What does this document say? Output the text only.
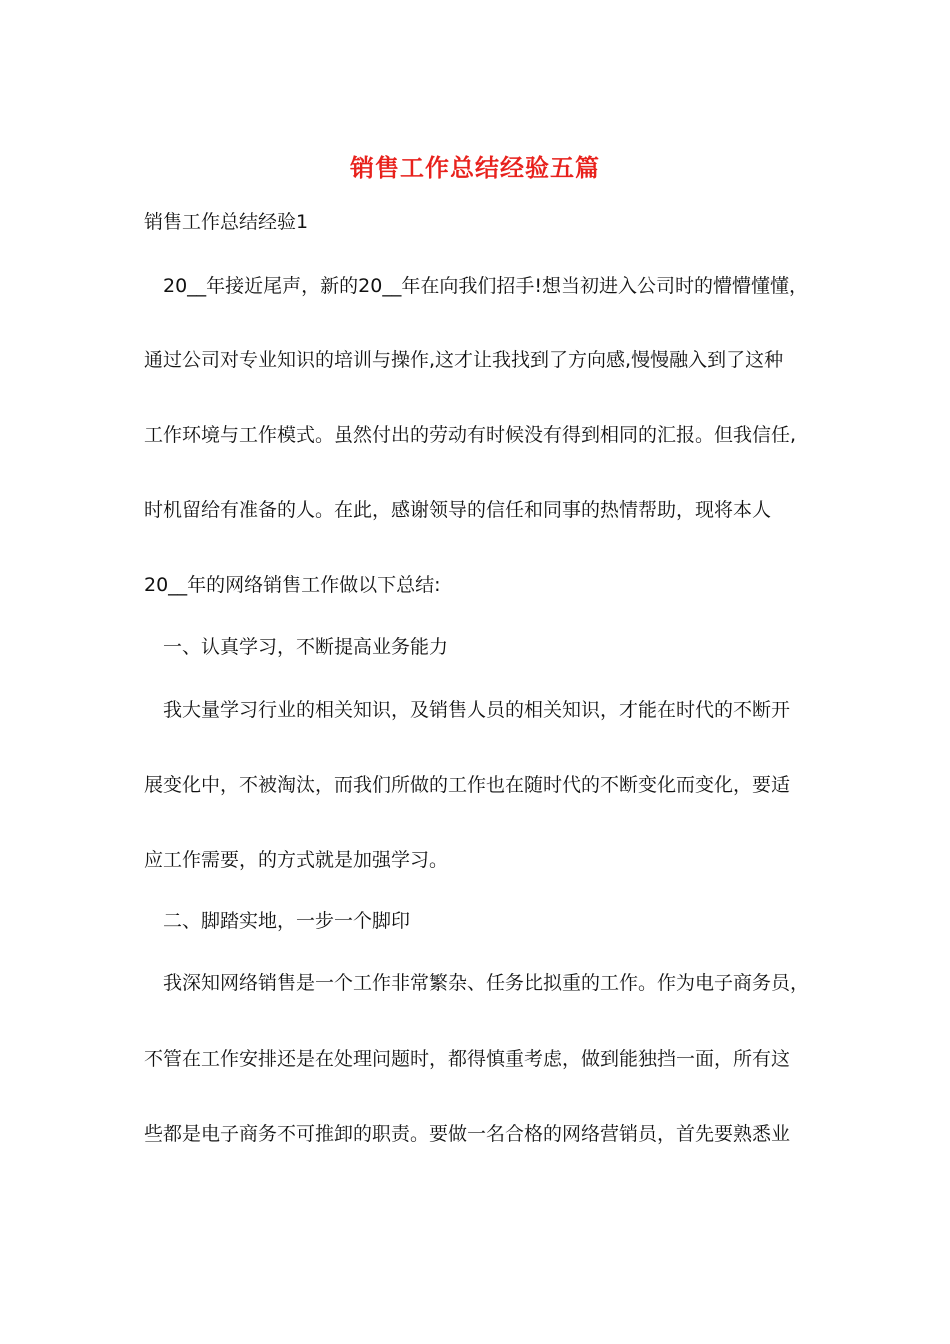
销售工作总结经验五篇
销售工作总结经验1
20__年接近尾声，新的20__年在向我们招手!想当初进入公司时的懵懵懂懂，
通过公司对专业知识的培训与操作,这才让我找到了方向感,慢慢融入到了这种
工作环境与工作模式。虽然付出的劳动有时候没有得到相同的汇报。但我信任,
时机留给有准备的人。在此，感谢领导的信任和同事的热情帮助，现将本人
20__年的网络销售工作做以下总结:
一、认真学习，不断提高业务能力
我大量学习行业的相关知识，及销售人员的相关知识，才能在时代的不断开
展变化中，不被淘汰，而我们所做的工作也在随时代的不断变化而变化，要适
应工作需要，的方式就是加强学习。
二、脚踏实地，一步一个脚印
我深知网络销售是一个工作非常繁杂、任务比拟重的工作。作为电子商务员，
不管在工作安排还是在处理问题时，都得慎重考虑，做到能独挡一面，所有这
些都是电子商务不可推卸的职责。要做一名合格的网络营销员，首先要熟悉业
